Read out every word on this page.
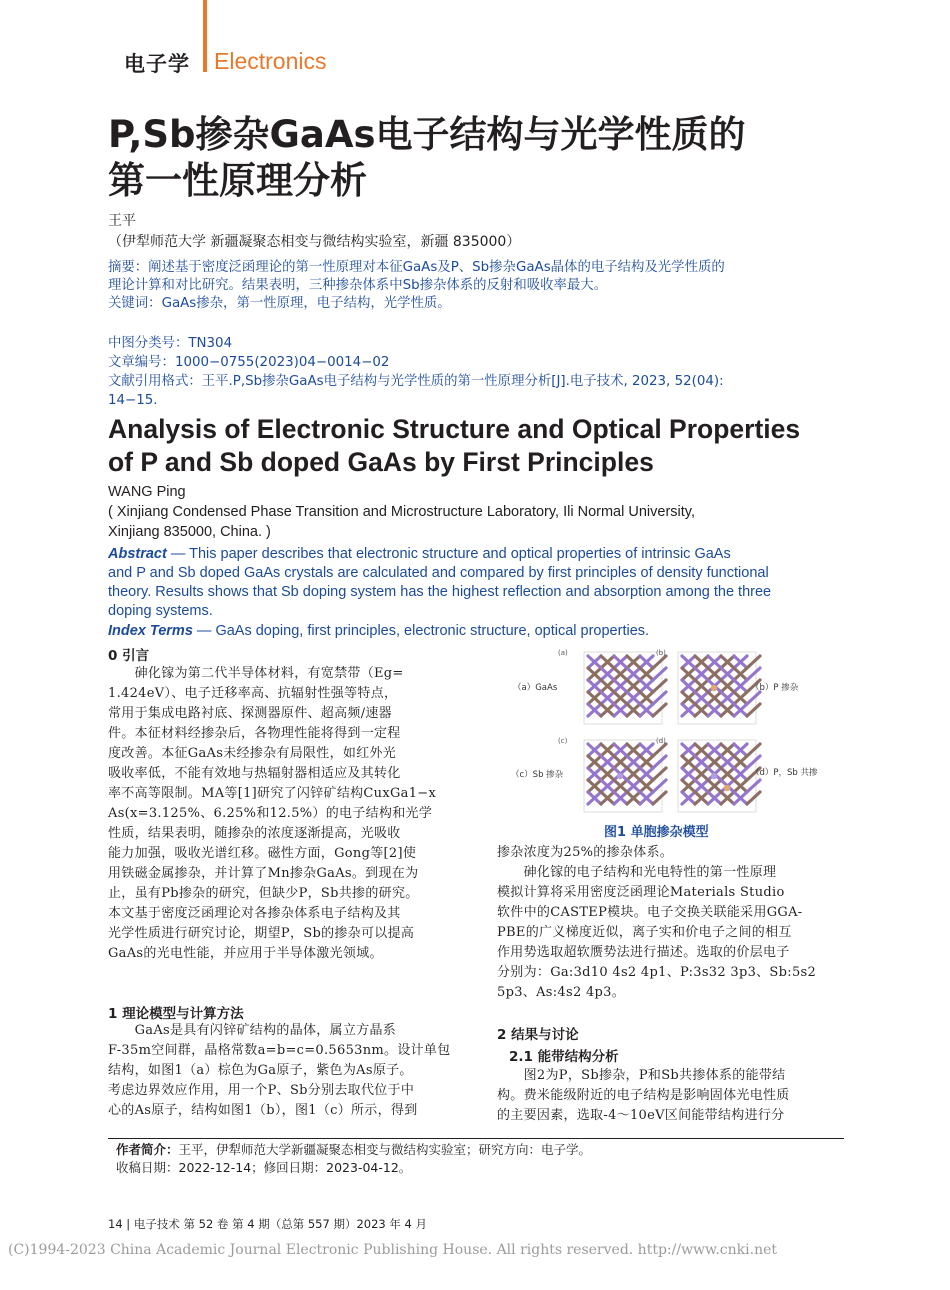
电子学 Electronics
P,Sb掺杂GaAs电子结构与光学性质的
第一性原理分析
王平
（伊犁师范大学 新疆凝聚态相变与微结构实验室，新疆 835000）
摘要：阐述基于密度泛函理论的第一性原理对本征GaAs及P、Sb掺杂GaAs晶体的电子结构及光学性质的
理论计算和对比研究。结果表明，三种掺杂体系中Sb掺杂体系的反射和吸收率最大。
关键词：GaAs掺杂，第一性原理，电子结构，光学性质。
中图分类号：TN304
文章编号：1000−0755(2023)04−0014−02
文献引用格式：王平.P,Sb掺杂GaAs电子结构与光学性质的第一性原理分析[J].电子技术, 2023, 52(04):
14−15.
Analysis of Electronic Structure and Optical Properties
of P and Sb doped GaAs by First Principles
WANG Ping
( Xinjiang Condensed Phase Transition and Microstructure Laboratory, Ili Normal University,
Xinjiang 835000, China. )
Abstract — This paper describes that electronic structure and optical properties of intrinsic GaAs
and P and Sb doped GaAs crystals are calculated and compared by first principles of density functional
theory. Results shows that Sb doping system has the highest reflection and absorption among the three
doping systems.
Index Terms — GaAs doping, first principles, electronic structure, optical properties.
0 引言

　　砷化镓为第二代半导体材料，有宽禁带（Eg=

1.424eV）、电子迁移率高、抗辐射性强等特点，

常用于集成电路衬底、探测器原件、超高频/速器

件。本征材料经掺杂后，各物理性能将得到一定程

度改善。本征GaAs未经掺杂有局限性，如红外光

吸收率低，不能有效地与热辐射器相适应及其转化

率不高等限制。MA等[1]研究了闪锌矿结构CuxGa1−x

As(x=3.125%、6.25%和12.5%）的电子结构和光学

性质，结果表明，随掺杂的浓度逐渐提高，光吸收

能力加强，吸收光谱红移。磁性方面，Gong等[2]使

用铁磁金属掺杂，并计算了Mn掺杂GaAs。到现在为

止，虽有Pb掺杂的研究，但缺少P，Sb共掺的研究。

本文基于密度泛函理论对各掺杂体系电子结构及其

光学性质进行研究讨论，期望P，Sb的掺杂可以提高

GaAs的光电性能，并应用于半导体激光领域。

1 理论模型与计算方法

　　GaAs是具有闪锌矿结构的晶体，属立方晶系

F-35m空间群，晶格常数a=b=c=0.5653nm。设计单包

结构，如图1（a）棕色为Ga原子，紫色为As原子。

考虑边界效应作用，用一个P、Sb分别去取代位于中

心的As原子，结构如图1（b），图1（c）所示，得到

(a)	(b)
(c)	(d)
（a）GaAs	（b）P 掺杂
（c）Sb 掺杂	（d）P，Sb 共掺
图1 单胞掺杂模型

掺杂浓度为25%的掺杂体系。

　　砷化镓的电子结构和光电特性的第一性原理

模拟计算将采用密度泛函理论Materials Studio

软件中的CASTEP模块。电子交换关联能采用GGA-

PBE的广义梯度近似，离子实和价电子之间的相互

作用势选取超软赝势法进行描述。选取的价层电子

分别为：Ga:3d10 4s2 4p1、P:3s32 3p3、Sb:5s2

5p3、As:4s2 4p3。

2 结果与讨论
2.1 能带结构分析

　　图2为P，Sb掺杂，P和Sb共掺体系的能带结

构。费米能级附近的电子结构是影响固体光电性质

的主要因素，选取-4～10eV区间能带结构进行分

作者简介：王平，伊犁师范大学新疆凝聚态相变与微结构实验室；研究方向：电子学。
收稿日期：2022-12-14；修回日期：2023-04-12。
14 | 电子技术 第 52 卷 第 4 期（总第 557 期）2023 年 4 月
(C)1994-2023 China Academic Journal Electronic Publishing House. All rights reserved. http://www.cnki.net
